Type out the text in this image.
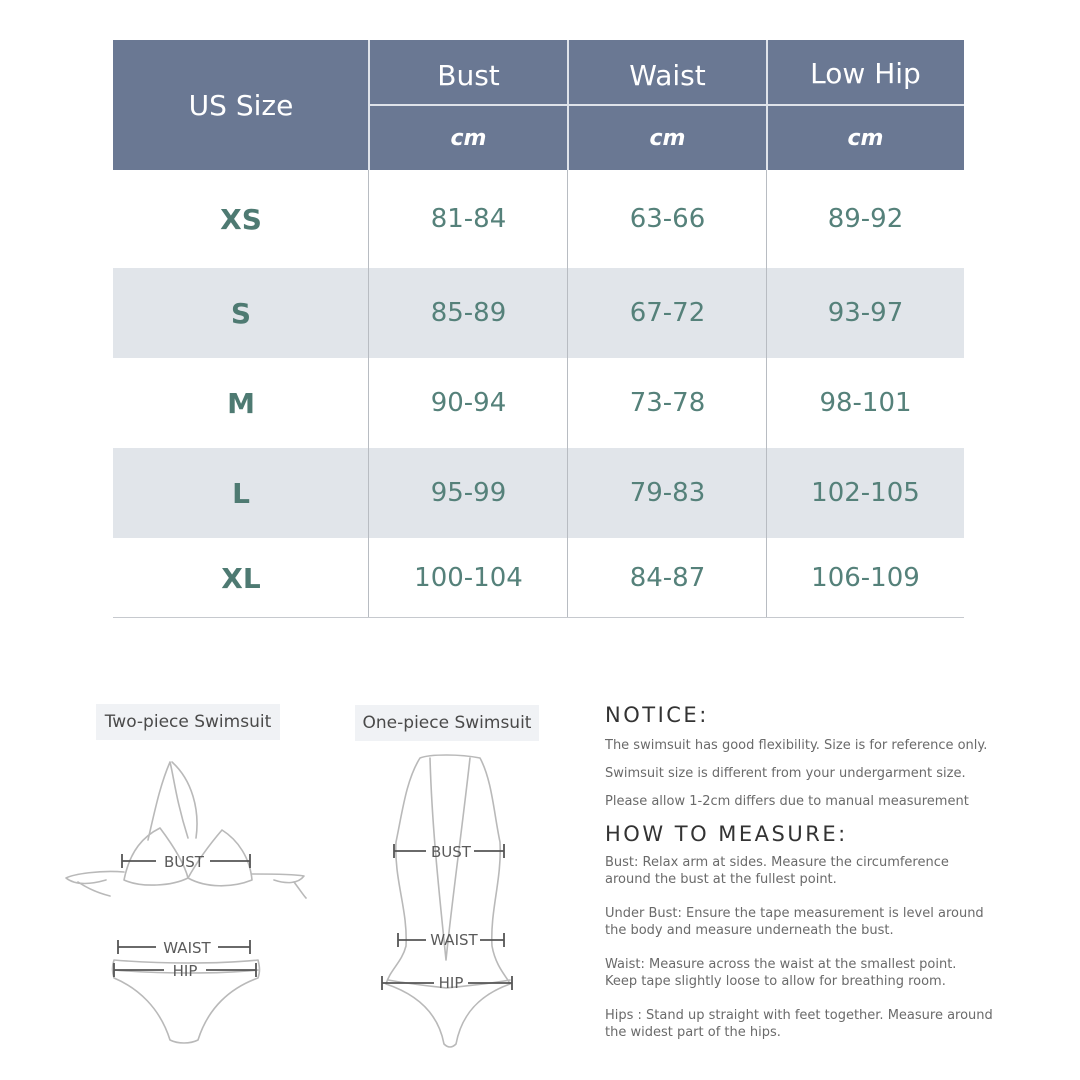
US Size
Bust	Waist	Low Hip
cm	cm	cm
XS	81-84	63-66	89-92
S	85-89	67-72	93-97
M	90-94	73-78	98-101
L	95-99	79-83	102-105
XL	100-104	84-87	106-109
Two-piece Swimsuit	One-piece Swimsuit
BUST
WAIST
HIP
BUST
WAIST
HIP
NOTICE:
The swimsuit has good flexibility. Size is for reference only.
Swimsuit size is different from your undergarment size.
Please allow 1-2cm differs due to manual measurement
HOW TO MEASURE:
Bust: Relax arm at sides. Measure the circumference
around the bust at the fullest point.
Under Bust: Ensure the tape measurement is level around
the body and measure underneath the bust.
Waist: Measure across the waist at the smallest point.
Keep tape slightly loose to allow for breathing room.
Hips : Stand up straight with feet together. Measure around
the widest part of the hips.
